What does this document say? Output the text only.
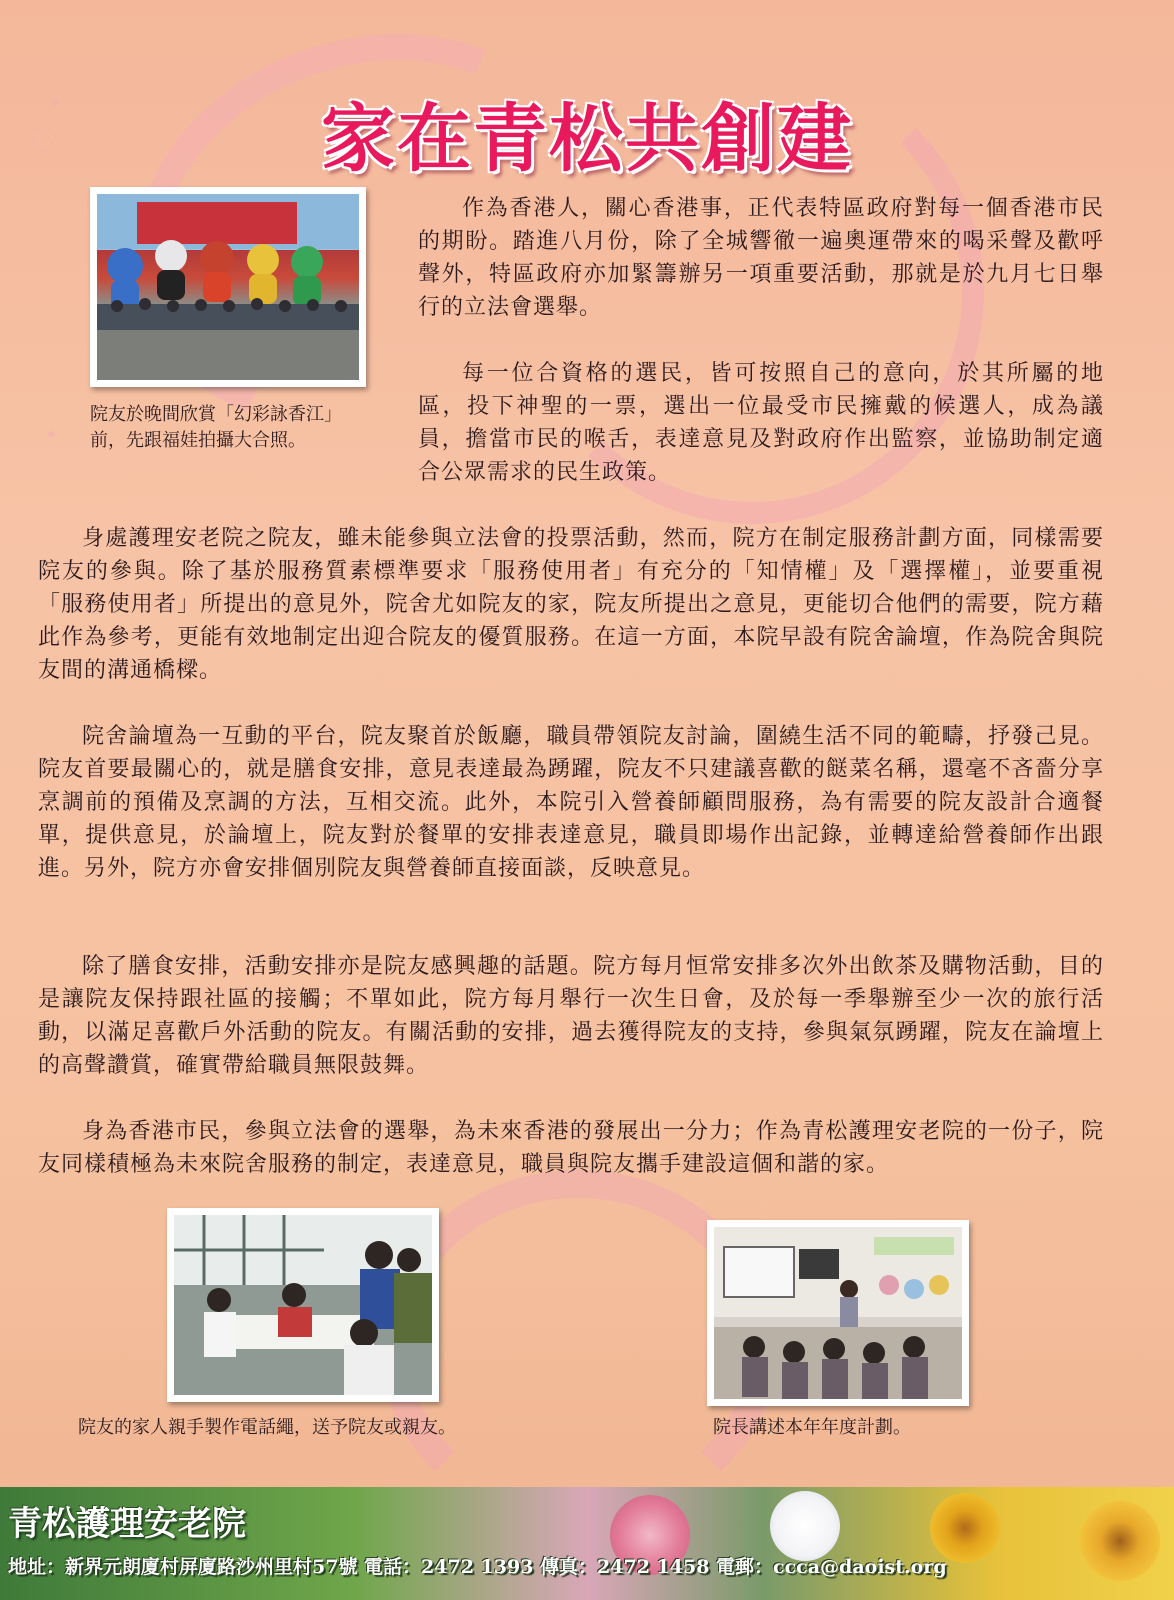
♡
✦
✦
家在青松共創建
院友於晚間欣賞「幻彩詠香江」
前，先跟福娃拍攝大合照。

作為香港人，關心香港事，正代表特區政府對每一個香港市民的期盼。踏進八月份，除了全城響徹一遍奧運帶來的喝采聲及歡呼聲外，特區政府亦加緊籌辦另一項重要活動，那就是於九月七日舉行的立法會選舉。

每一位合資格的選民，皆可按照自己的意向，於其所屬的地區，投下神聖的一票，選出一位最受市民擁戴的候選人，成為議員，擔當市民的喉舌，表達意見及對政府作出監察，並協助制定適合公眾需求的民生政策。

身處護理安老院之院友，雖未能參與立法會的投票活動，然而，院方在制定服務計劃方面，同樣需要院友的參與。除了基於服務質素標準要求「服務使用者」有充分的「知情權」及「選擇權」，並要重視「服務使用者」所提出的意見外，院舍尤如院友的家，院友所提出之意見，更能切合他們的需要，院方藉此作為參考，更能有效地制定出迎合院友的優質服務。在這一方面，本院早設有院舍論壇，作為院舍與院友間的溝通橋樑。

院舍論壇為一互動的平台，院友聚首於飯廳，職員帶領院友討論，圍繞生活不同的範疇，抒發己見。院友首要最關心的，就是膳食安排，意見表達最為踴躍，院友不只建議喜歡的餸菜名稱，還毫不吝嗇分享烹調前的預備及烹調的方法，互相交流。此外，本院引入營養師顧問服務，為有需要的院友設計合適餐單，提供意見，於論壇上，院友對於餐單的安排表達意見，職員即場作出記錄，並轉達給營養師作出跟進。另外，院方亦會安排個別院友與營養師直接面談，反映意見。

除了膳食安排，活動安排亦是院友感興趣的話題。院方每月恒常安排多次外出飲茶及購物活動，目的是讓院友保持跟社區的接觸；不單如此，院方每月舉行一次生日會，及於每一季舉辦至少一次的旅行活動，以滿足喜歡戶外活動的院友。有關活動的安排，過去獲得院友的支持，參與氣氛踴躍，院友在論壇上的高聲讚賞，確實帶給職員無限鼓舞。

身為香港市民，參與立法會的選舉，為未來香港的發展出一分力；作為青松護理安老院的一份子，院友同樣積極為未來院舍服務的制定，表達意見，職員與院友攜手建設這個和諧的家。

院友的家人親手製作電話繩，送予院友或親友。	院長講述本年年度計劃。
青松護理安老院
地址：新界元朗廈村屏廈路沙州里村57號 電話：2472 1393 傳真：2472 1458 電郵：ccca@daoist.org
